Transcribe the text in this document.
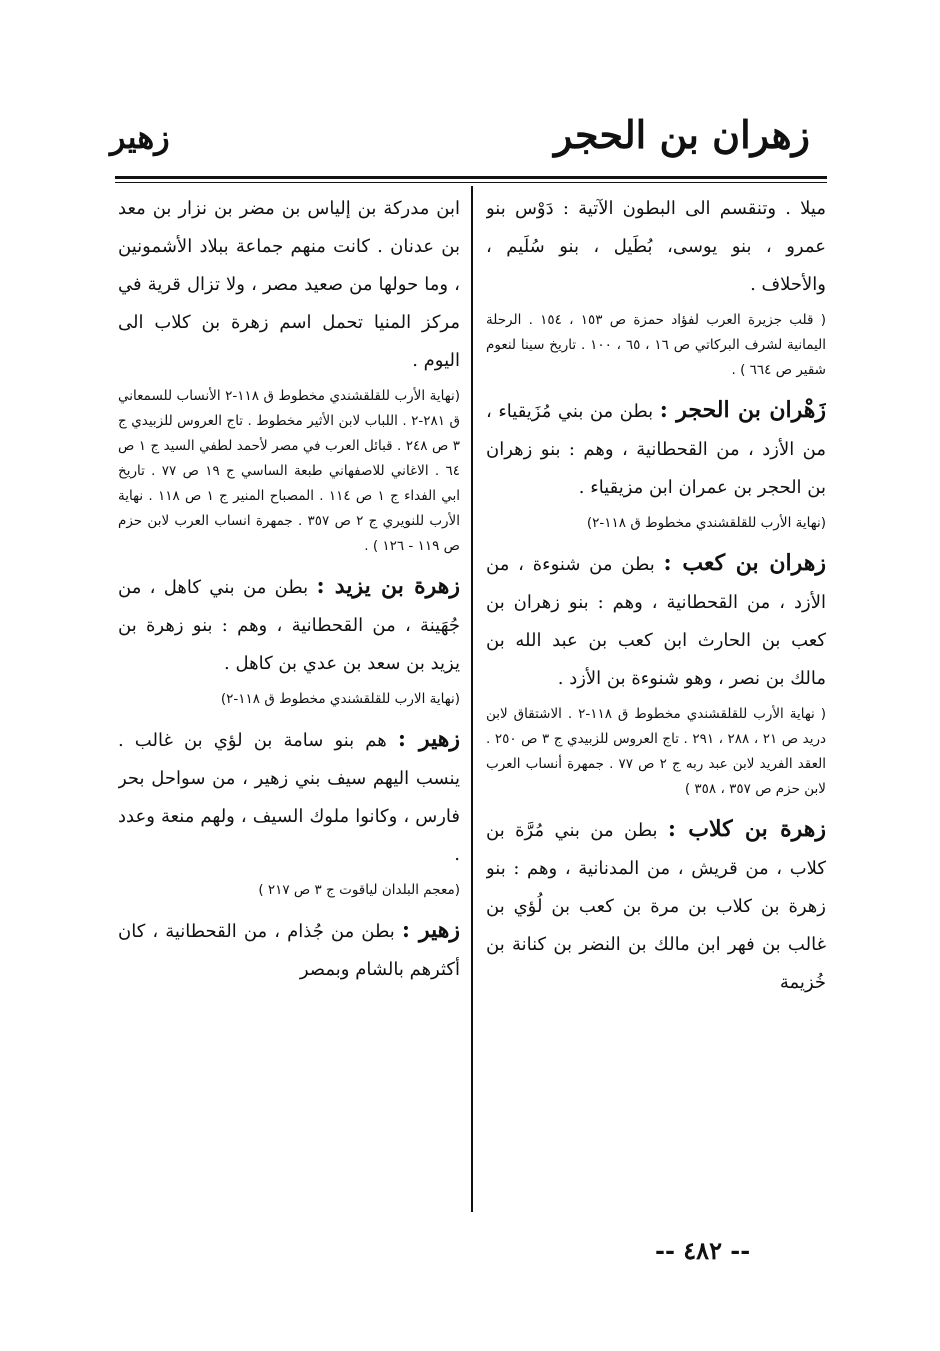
زهران بن الحجر
زهير

ميلا . وتنقسم الى البطون الآتية : دَوْس بنو عمرو ، بنو يوسى، بُطَيل ، بنو سُلَيم ، والأحلاف .

( قلب جزيرة العرب لفؤاد حمزة ص ١٥٣ ، ١٥٤ . الرحلة اليمانية لشرف البركاتي ص ١٦ ، ٦٥ ، ١٠٠ . تاريخ سينا لنعوم شقير ص ٦٦٤ ) .

زَهْران بن الحجر : بطن من بني مُزَيقياء ، من الأزد ، من القحطانية ، وهم : بنو زهران بن الحجر بن عمران ابن مزيقياء .

(نهاية الأرب للقلقشندي مخطوط ق ١١٨-٢)

زهران بن كعب : بطن من شنوءة ، من الأزد ، من القحطانية ، وهم : بنو زهران بن كعب بن الحارث ابن كعب بن عبد الله بن مالك بن نصر ، وهو شنوءة بن الأزد .

( نهاية الأرب للقلقشندي مخطوط ق ١١٨-٢ . الاشتقاق لابن دريد ص ٢١ ، ٢٨٨ ، ٢٩١ . تاج العروس للزبيدي ج ٣ ص ٢٥٠ . العقد الفريد لابن عبد ربه ج ٢ ص ٧٧ . جمهرة أنساب العرب لابن حزم ص ٣٥٧ ، ٣٥٨ )

زهرة بن كلاب : بطن من بني مُرَّة بن كلاب ، من قريش ، من المدنانية ، وهم : بنو زهرة بن كلاب بن مرة بن كعب بن لُؤي بن غالب بن فهر ابن مالك بن النضر بن كنانة بن خُزيمة

ابن مدركة بن إلياس بن مضر بن نزار بن معد بن عدنان . كانت منهم جماعة ببلاد الأشمونين ، وما حولها من صعيد مصر ، ولا تزال قرية في مركز المنيا تحمل اسم زهرة بن كلاب الى اليوم .

(نهاية الأرب للقلقشندي مخطوط ق ١١٨-٢ الأنساب للسمعاني ق ٢٨١-٢ . اللباب لابن الأثير مخطوط . تاج العروس للزبيدي ج ٣ ص ٢٤٨ . قبائل العرب في مصر لأحمد لطفي السيد ج ١ ص ٦٤ . الاغاني للاصفهاني طبعة الساسي ج ١٩ ص ٧٧ . تاريخ ابي الفداء ج ١ ص ١١٤ . المصباح المنير ج ١ ص ١١٨ . نهاية الأرب للنويري ج ٢ ص ٣٥٧ . جمهرة انساب العرب لابن حزم ص ١١٩ - ١٢٦ ) .

زهرة بن يزيد : بطن من بني كاهل ، من جُهَينة ، من القحطانية ، وهم : بنو زهرة بن يزيد بن سعد بن عدي بن كاهل .

(نهاية الارب للقلقشندي مخطوط ق ١١٨-٢)

زهير : هم بنو سامة بن لؤي بن غالب . ينسب اليهم سيف بني زهير ، من سواحل بحر فارس ، وكانوا ملوك السيف ، ولهم منعة وعدد .

(معجم البلدان لياقوت ج ٣ ص ٢١٧ )

زهير : بطن من جُذام ، من القحطانية ، كان أكثرهم بالشام وبمصر

-- ٤٨٢ --
